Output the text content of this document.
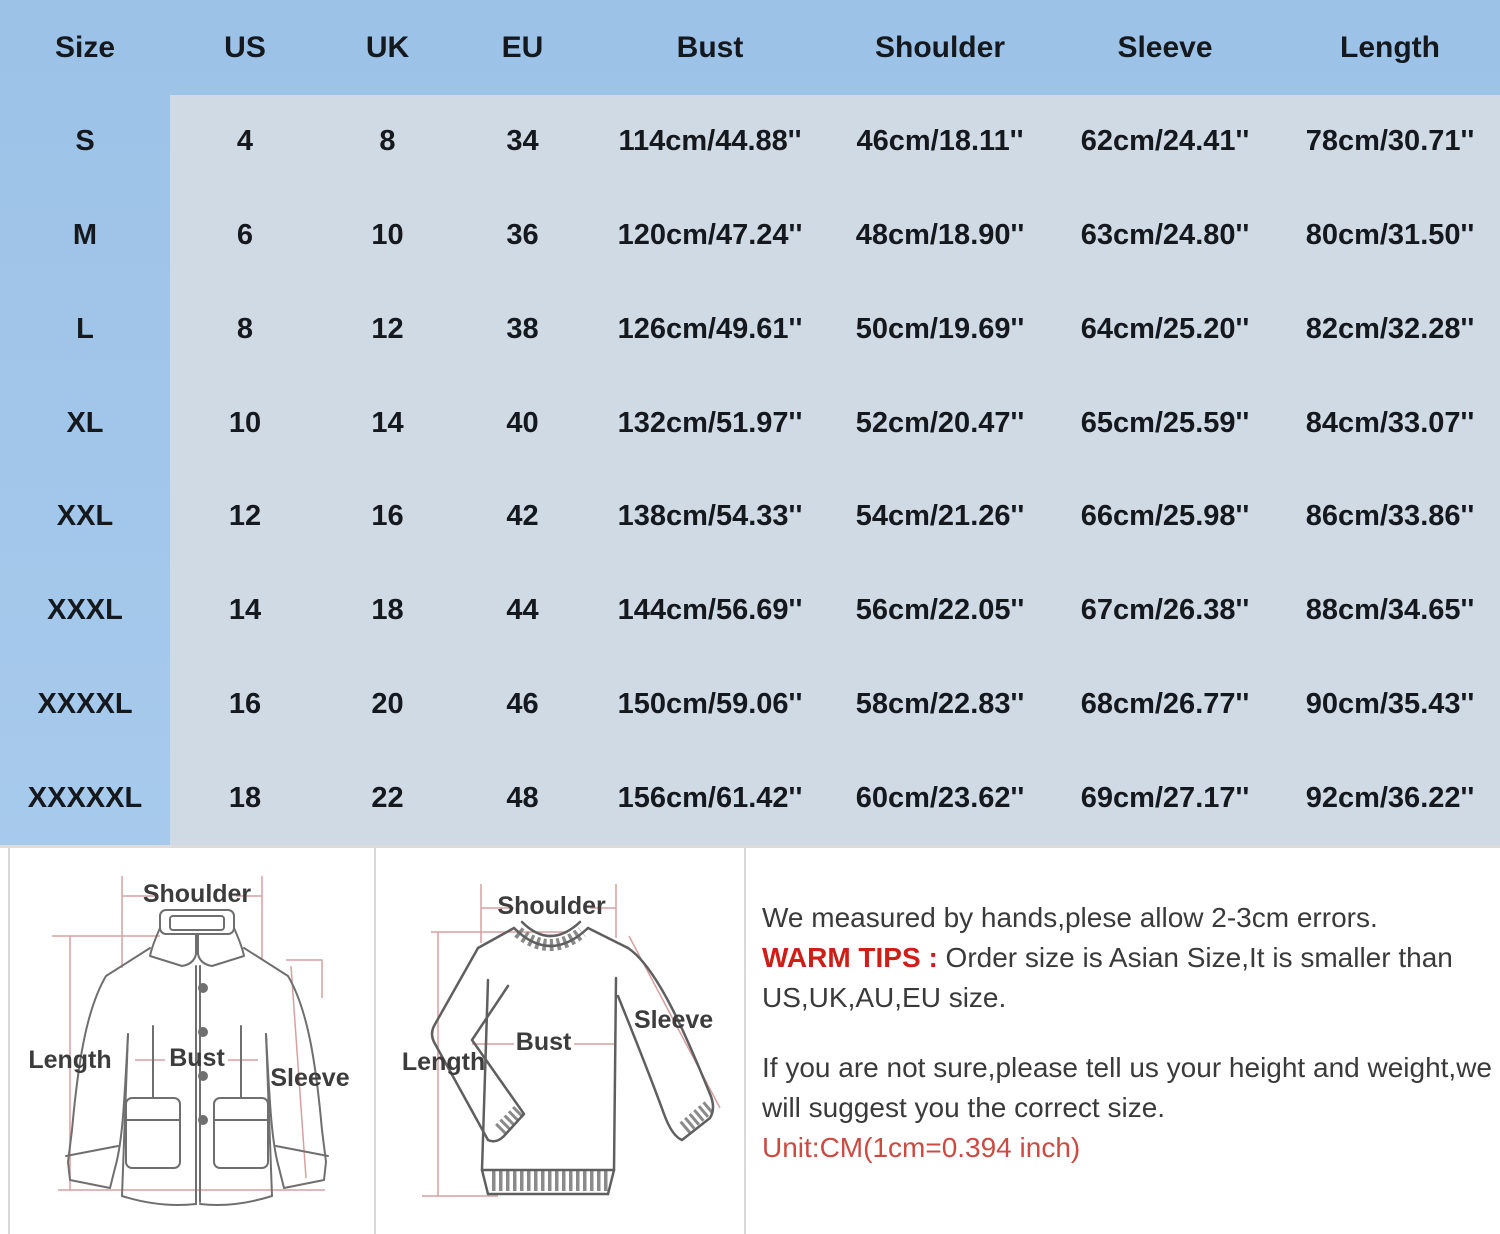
Size	US	UK	EU	Bust	Shoulder	Sleeve	Length
S	4	8	34	114cm/44.88''	46cm/18.11''	62cm/24.41''	78cm/30.71''
M	6	10	36	120cm/47.24''	48cm/18.90''	63cm/24.80''	80cm/31.50''
L	8	12	38	126cm/49.61''	50cm/19.69''	64cm/25.20''	82cm/32.28''
XL	10	14	40	132cm/51.97''	52cm/20.47''	65cm/25.59''	84cm/33.07''
XXL	12	16	42	138cm/54.33''	54cm/21.26''	66cm/25.98''	86cm/33.86''
XXXL	14	18	44	144cm/56.69''	56cm/22.05''	67cm/26.38''	88cm/34.65''
XXXXL	16	20	46	150cm/59.06''	58cm/22.83''	68cm/26.77''	90cm/35.43''
XXXXXL	18	22	48	156cm/61.42''	60cm/23.62''	69cm/27.17''	92cm/36.22''
Shoulder
Length Bust
Sleeve
Shoulder
Length
Bust
Sleeve

We measured by hands,plese allow 2-3cm errors.

WARM TIPS : Order size is Asian Size,It is smaller than

US,UK,AU,EU size.

If you are not sure,please tell us your height and weight,we

will suggest you the correct size.

Unit:CM(1cm=0.394 inch)
